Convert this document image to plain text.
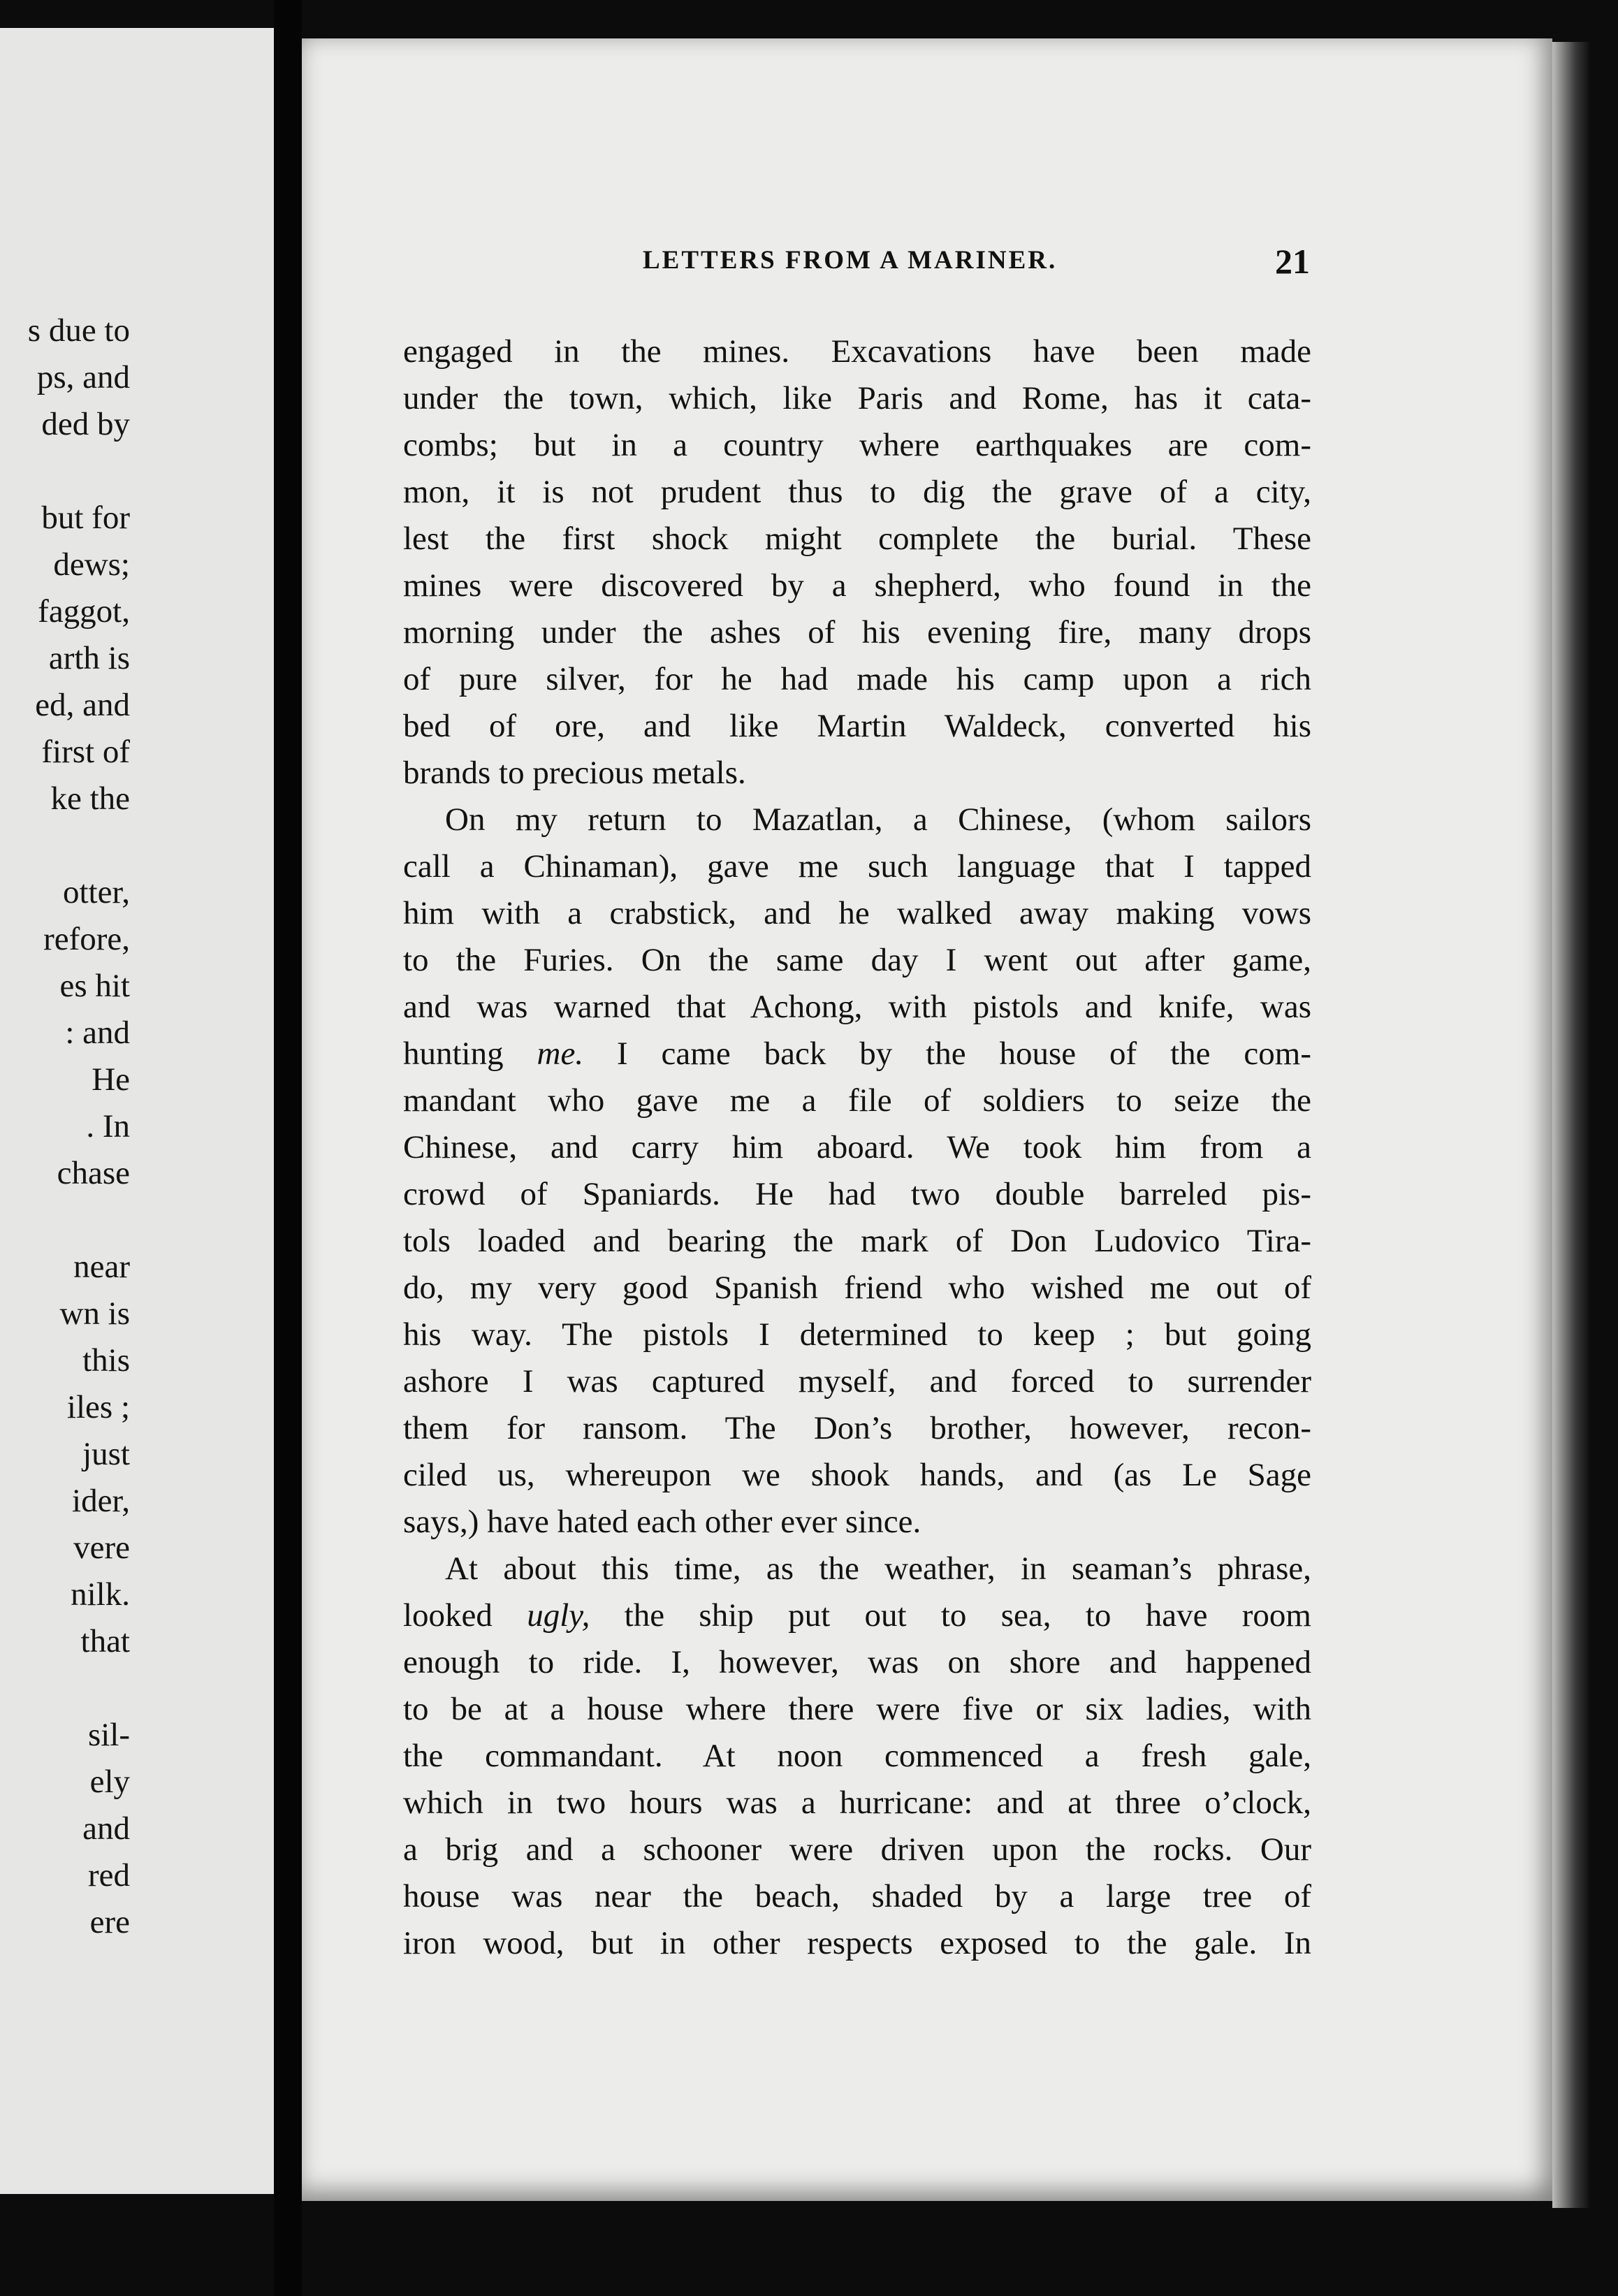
s due to
ps, and
ded by
but for
dews;
faggot,
arth is
ed, and
first of
ke the
otter,
refore,
es hit
: and
He
. In
chase
near
wn is
this
iles ;
just
ider,
vere
nilk.
that
sil-
ely
and
red
ere
LETTERS FROM A MARINER.	21
engaged in the mines. Excavations have been made
under the town, which, like Paris and Rome, has it cata-
combs; but in a country where earthquakes are com-
mon, it is not prudent thus to dig the grave of a city,
lest the first shock might complete the burial. These
mines were discovered by a shepherd, who found in the
morning under the ashes of his evening fire, many drops
of pure silver, for he had made his camp upon a rich
bed of ore, and like Martin Waldeck, converted his
brands to precious metals.
On my return to Mazatlan, a Chinese, (whom sailors
call a Chinaman), gave me such language that I tapped
him with a crabstick, and he walked away making vows
to the Furies. On the same day I went out after game,
and was warned that Achong, with pistols and knife, was
hunting me. I came back by the house of the com-
mandant who gave me a file of soldiers to seize the
Chinese, and carry him aboard. We took him from a
crowd of Spaniards. He had two double barreled pis-
tols loaded and bearing the mark of Don Ludovico Tira-
do, my very good Spanish friend who wished me out of
his way. The pistols I determined to keep ; but going
ashore I was captured myself, and forced to surrender
them for ransom. The Don’s brother, however, recon-
ciled us, whereupon we shook hands, and (as Le Sage
says,) have hated each other ever since.
At about this time, as the weather, in seaman’s phrase,
looked ugly, the ship put out to sea, to have room
enough to ride. I, however, was on shore and happened
to be at a house where there were five or six ladies, with
the commandant. At noon commenced a fresh gale,
which in two hours was a hurricane: and at three o’clock,
a brig and a schooner were driven upon the rocks. Our
house was near the beach, shaded by a large tree of
iron wood, but in other respects exposed to the gale. In
